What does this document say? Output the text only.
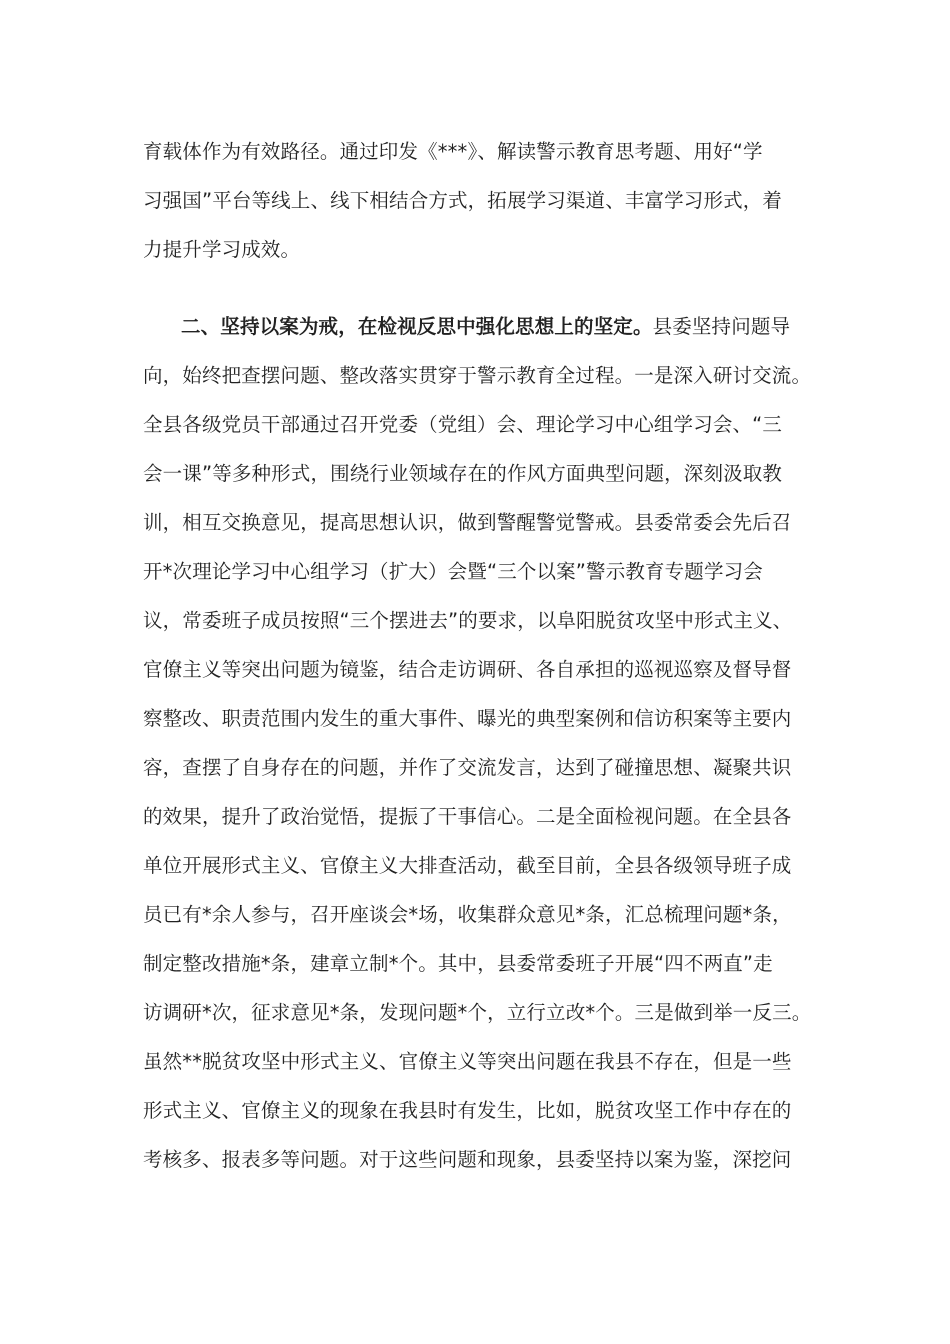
育载体作为有效路径。通过印发《***》、解读警示教育思考题、用好“学
习强国”平台等线上、线下相结合方式，拓展学习渠道、丰富学习形式，着
力提升学习成效。
二、坚持以案为戒，在检视反思中强化思想上的坚定。县委坚持问题导
向，始终把查摆问题、整改落实贯穿于警示教育全过程。一是深入研讨交流。
全县各级党员干部通过召开党委（党组）会、理论学习中心组学习会、“三
会一课”等多种形式，围绕行业领域存在的作风方面典型问题，深刻汲取教
训，相互交换意见，提高思想认识，做到警醒警觉警戒。县委常委会先后召
开*次理论学习中心组学习（扩大）会暨“三个以案”警示教育专题学习会
议，常委班子成员按照“三个摆进去”的要求，以阜阳脱贫攻坚中形式主义、
官僚主义等突出问题为镜鉴，结合走访调研、各自承担的巡视巡察及督导督
察整改、职责范围内发生的重大事件、曝光的典型案例和信访积案等主要内
容，查摆了自身存在的问题，并作了交流发言，达到了碰撞思想、凝聚共识
的效果，提升了政治觉悟，提振了干事信心。二是全面检视问题。在全县各
单位开展形式主义、官僚主义大排查活动，截至目前，全县各级领导班子成
员已有*余人参与，召开座谈会*场，收集群众意见*条，汇总梳理问题*条，
制定整改措施*条，建章立制*个。其中，县委常委班子开展“四不两直”走
访调研*次，征求意见*条，发现问题*个，立行立改*个。三是做到举一反三。
虽然**脱贫攻坚中形式主义、官僚主义等突出问题在我县不存在，但是一些
形式主义、官僚主义的现象在我县时有发生，比如，脱贫攻坚工作中存在的
考核多、报表多等问题。对于这些问题和现象，县委坚持以案为鉴，深挖问
